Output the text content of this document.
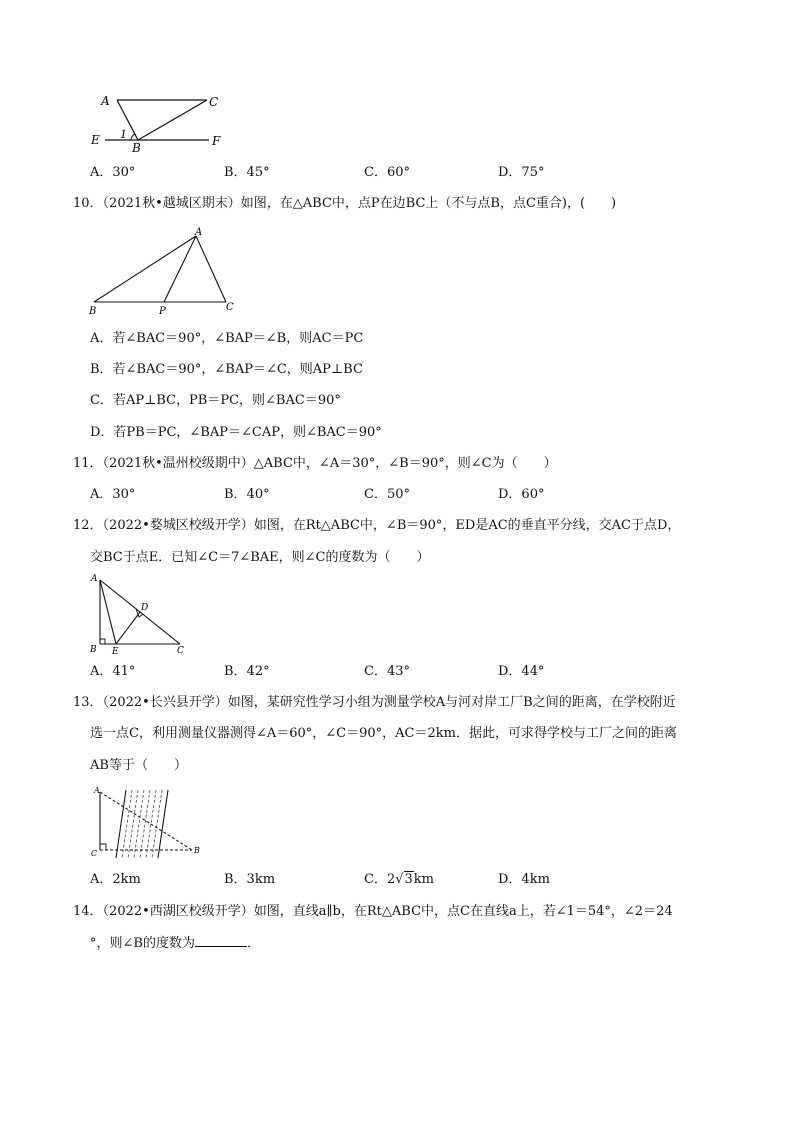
A	C
E	F
B
1
A．30°	B．45°	C．60°	D．75°
10．（2021秋•越城区期末）如图，在△ABC中，点P在边BC上（不与点B，点C重合)，(　　)
A
B	P	C
A．若∠BAC＝90°，∠BAP＝∠B，则AC＝PC
B．若∠BAC＝90°，∠BAP＝∠C，则AP⊥BC
C．若AP⊥BC，PB＝PC，则∠BAC＝90°
D．若PB＝PC，∠BAP＝∠CAP，则∠BAC＝90°
11．（2021秋•温州校级期中）△ABC中，∠A＝30°，∠B＝90°，则∠C为（　　）
A．30°	B．40°	C．50°	D．60°
12．（2022•婺城区校级开学）如图，在Rt△ABC中，∠B＝90°，ED是AC的垂直平分线，交AC于点D，
交BC于点E．已知∠C＝7∠BAE，则∠C的度数为（　　）
A
D
B E	C
A．41°	B．42°	C．43°	D．44°
13．（2022•长兴县开学）如图，某研究性学习小组为测量学校A与河对岸工厂B之间的距离，在学校附近
选一点C，利用测量仪器测得∠A＝60°，∠C＝90°，AC＝2km．据此，可求得学校与工厂之间的距离
AB等于（　　）
A
C	B
A．2km	B．3km	C．2√3km	D．4km
14．（2022•西湖区校级开学）如图，直线a∥b，在Rt△ABC中，点C在直线a上，若∠1＝54°，∠2＝24
°，则∠B的度数为	．
